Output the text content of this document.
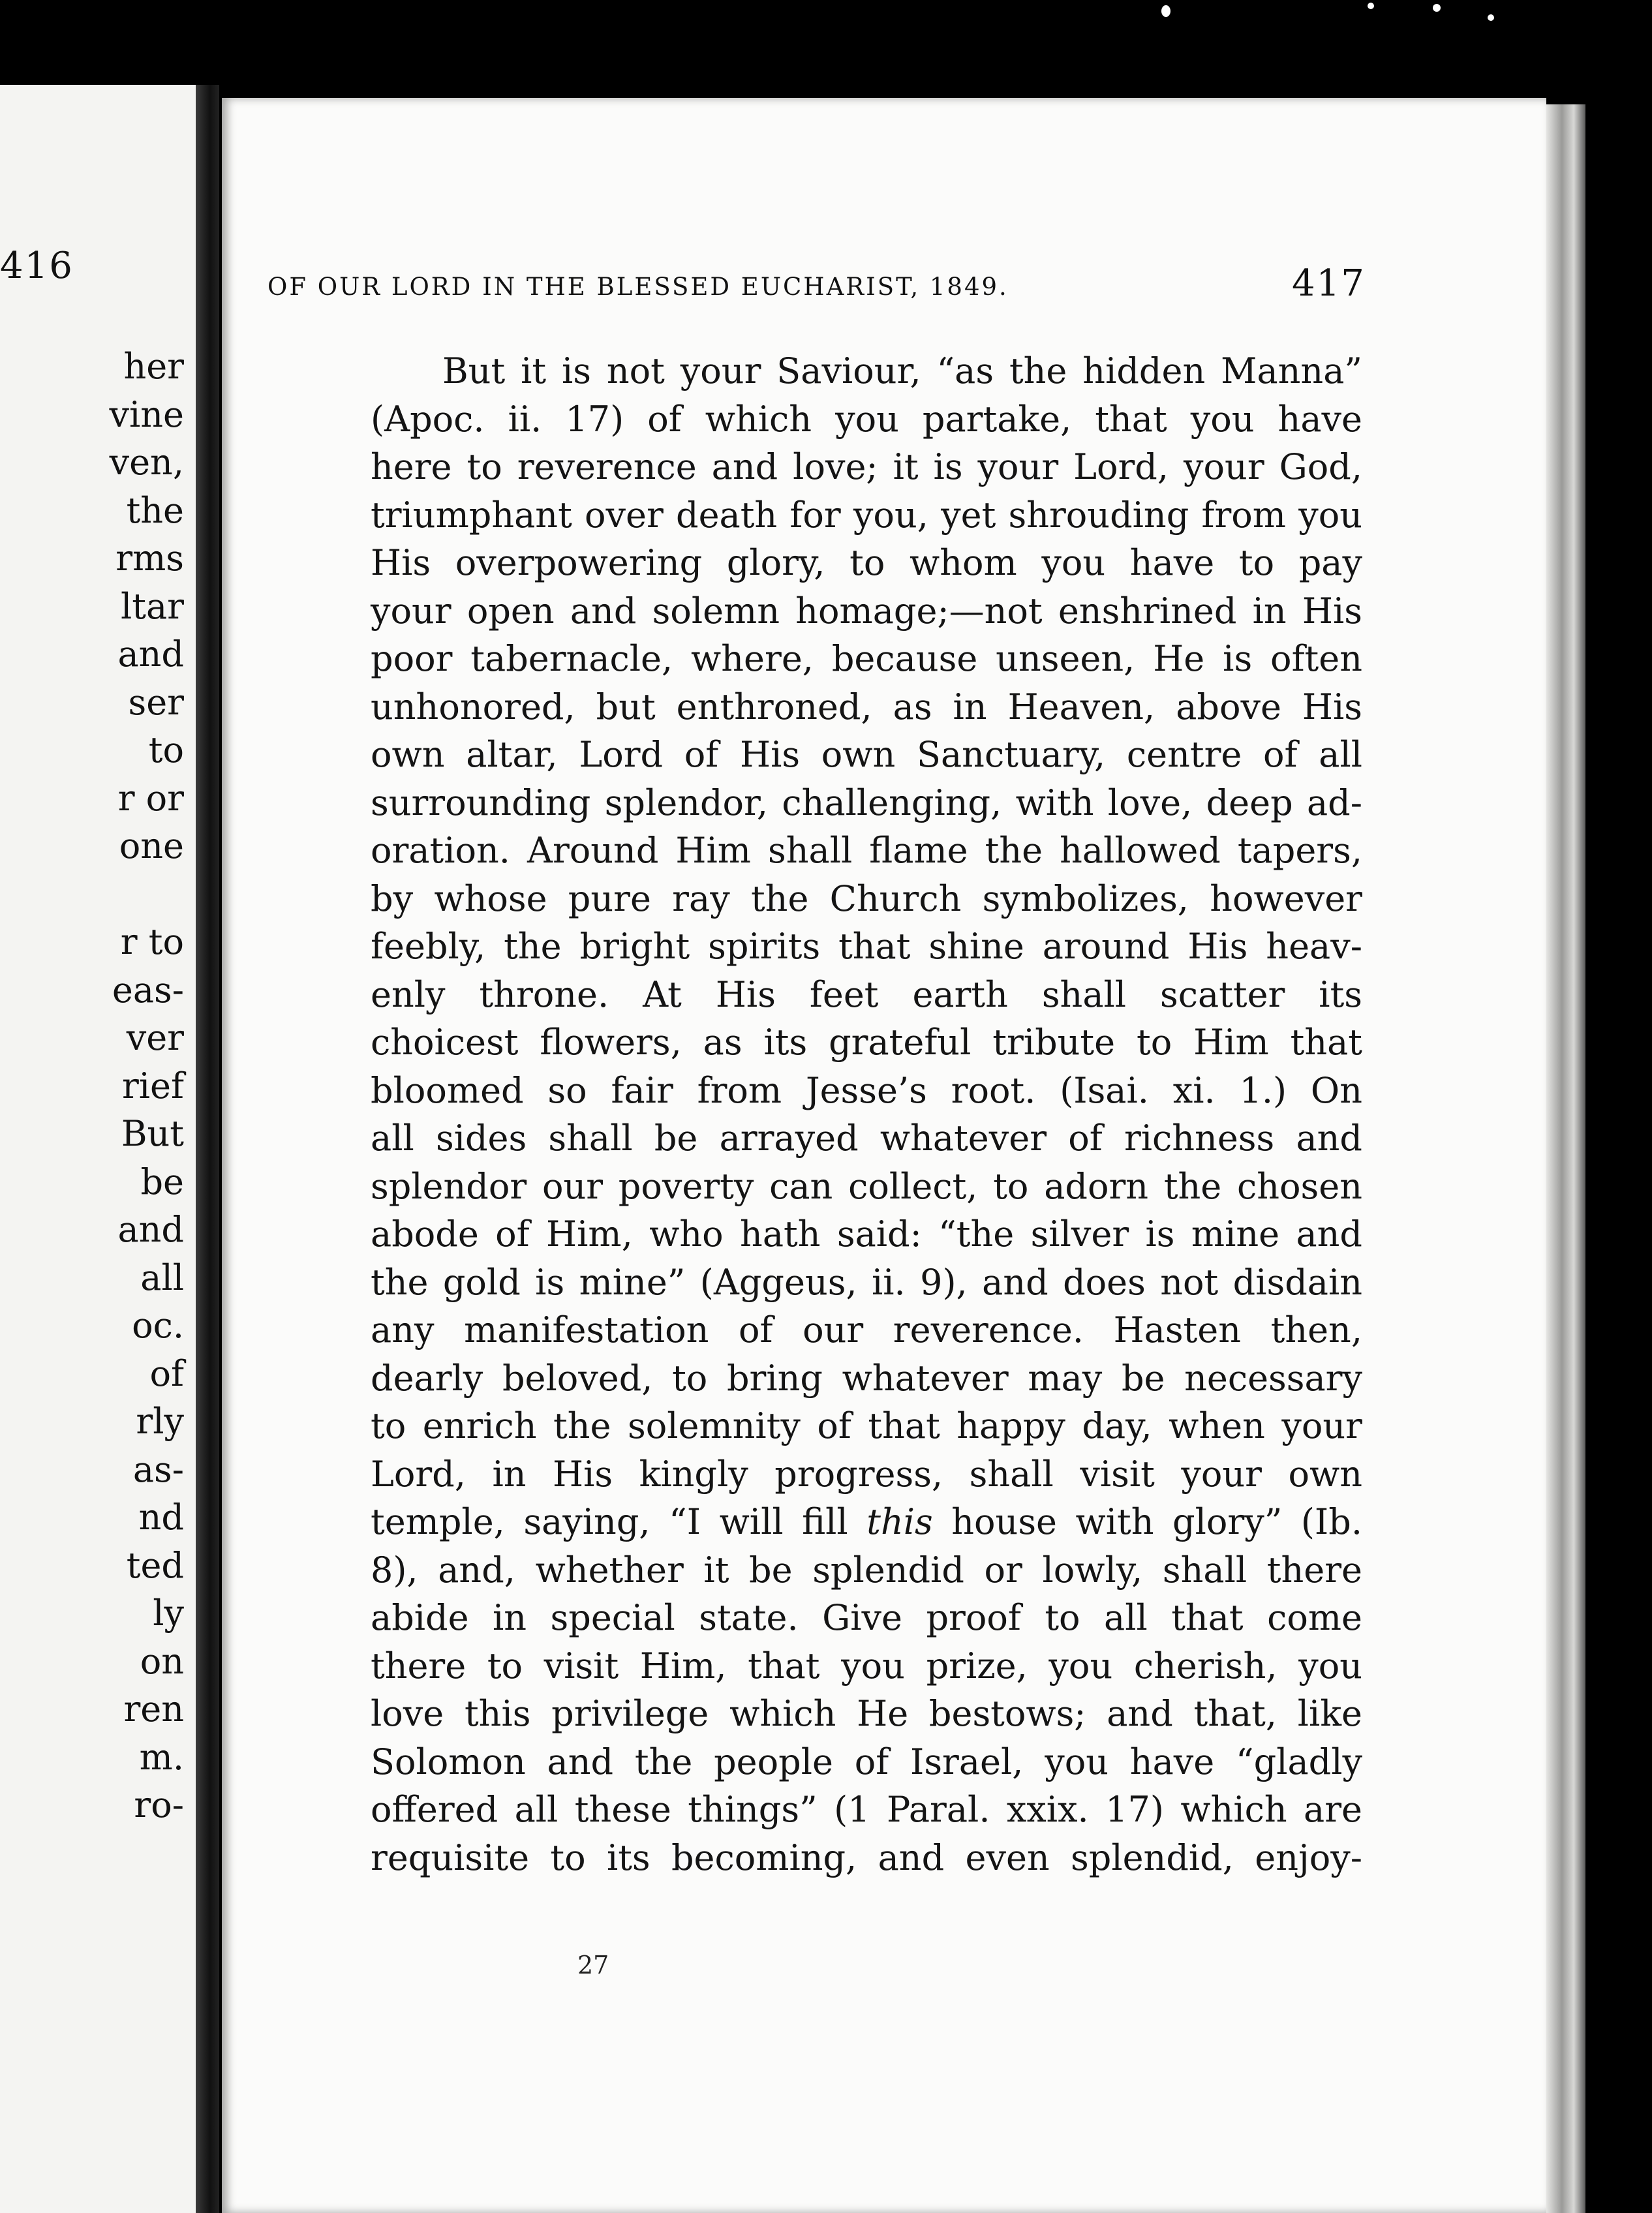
416
her
vine
ven,
the
rms
ltar
and
ser
to
r or
one
r to
eas-
ver
rief
But
be
and
all
oc.
of
rly
as-
nd
ted
ly
on
ren
m.
ro-
OF OUR LORD IN THE BLESSED EUCHARIST, 1849.	417
But it is not your Saviour, “as the hidden Manna”
(Apoc. ii. 17) of which you partake, that you have
here to reverence and love; it is your Lord, your God,
triumphant over death for you, yet shrouding from you
His overpowering glory, to whom you have to pay
your open and solemn homage;—not enshrined in His
poor tabernacle, where, because unseen, He is often
unhonored, but enthroned, as in Heaven, above His
own altar, Lord of His own Sanctuary, centre of all
surrounding splendor, challenging, with love, deep ad-
oration. Around Him shall flame the hallowed tapers,
by whose pure ray the Church symbolizes, however
feebly, the bright spirits that shine around His heav-
enly throne. At His feet earth shall scatter its
choicest flowers, as its grateful tribute to Him that
bloomed so fair from Jesse’s root. (Isai. xi. 1.) On
all sides shall be arrayed whatever of richness and
splendor our poverty can collect, to adorn the chosen
abode of Him, who hath said: “the silver is mine and
the gold is mine” (Aggeus, ii. 9), and does not disdain
any manifestation of our reverence. Hasten then,
dearly beloved, to bring whatever may be necessary
to enrich the solemnity of that happy day, when your
Lord, in His kingly progress, shall visit your own
temple, saying, “I will fill this house with glory” (Ib.
8), and, whether it be splendid or lowly, shall there
abide in special state. Give proof to all that come
there to visit Him, that you prize, you cherish, you
love this privilege which He bestows; and that, like
Solomon and the people of Israel, you have “gladly
offered all these things” (1 Paral. xxix. 17) which are
requisite to its becoming, and even splendid, enjoy-
27
